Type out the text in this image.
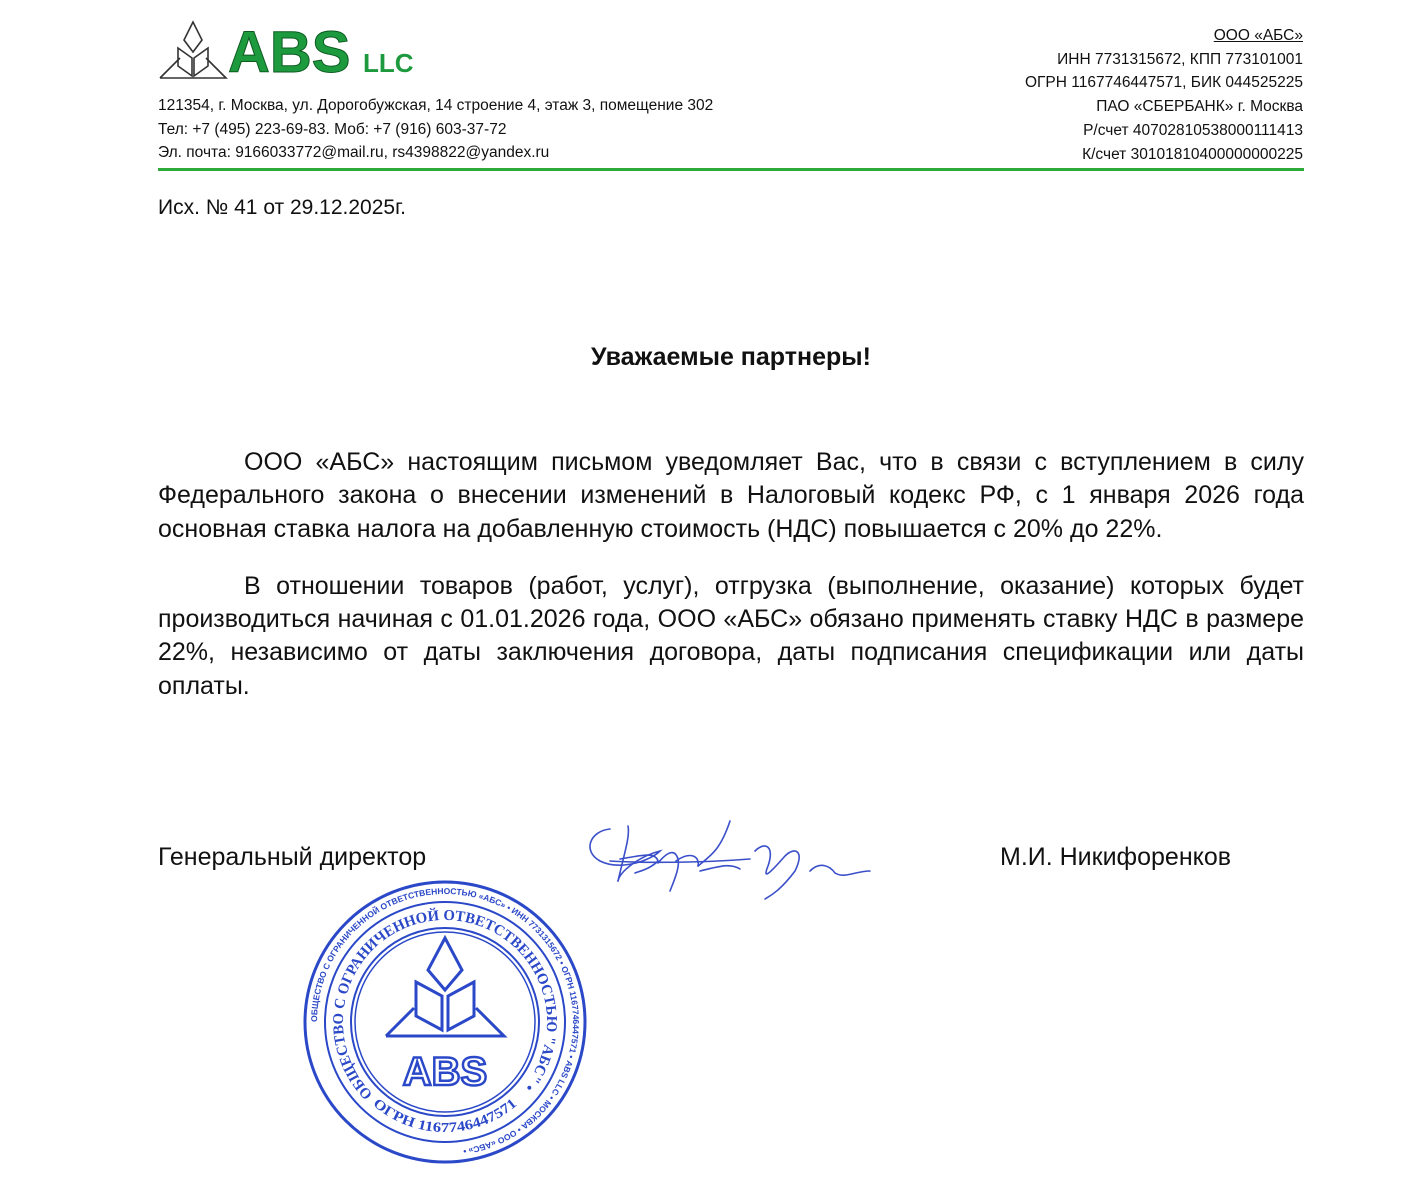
ABS LLC
121354, г. Москва, ул. Дорогобужская, 14 строение 4, этаж 3, помещение 302
Тел: +7 (495) 223-69-83. Моб: +7 (916) 603-37-72
Эл. почта: 9166033772@mail.ru, rs4398822@yandex.ru
ООО «АБС»
ИНН 7731315672, КПП 773101001
ОГРН 1167746447571, БИК 044525225
ПАО «СБЕРБАНК» г. Москва
Р/счет 40702810538000111413
К/счет 30101810400000000225
Исх. № 41 от 29.12.2025г.
Уважаемые партнеры!

ООО «АБС» настоящим письмом уведомляет Вас, что в связи с вступлением в силу Федерального закона о внесении изменений в Налоговый кодекс РФ, с 1 января 2026 года основная ставка налога на добавленную стоимость (НДС) повышается с 20% до 22%.

В отношении товаров (работ, услуг), отгрузка (выполнение, оказание) которых будет производиться начиная с 01.01.2026 года, ООО «АБС» обязано применять ставку НДС в размере 22%, независимо от даты заключения договора, даты подписания спецификации или даты оплаты.

Генеральный директор	М.И. Никифоренков
ABS
ОБЩЕСТВО С ОГРАНИЧЕННОЙ ОТВЕТСТВЕННОСТЬЮ «АБС» • ИНН 7731315672 • ОГРН 1167746447571 • ABS LLC • МОСКВА • ООО «АБС» •
ОБЩЕСТВО С ОГРАНИЧЕННОЙ ОТВЕТСТВЕННОСТЬЮ "АБС" •
ОГРН 1167746447571
